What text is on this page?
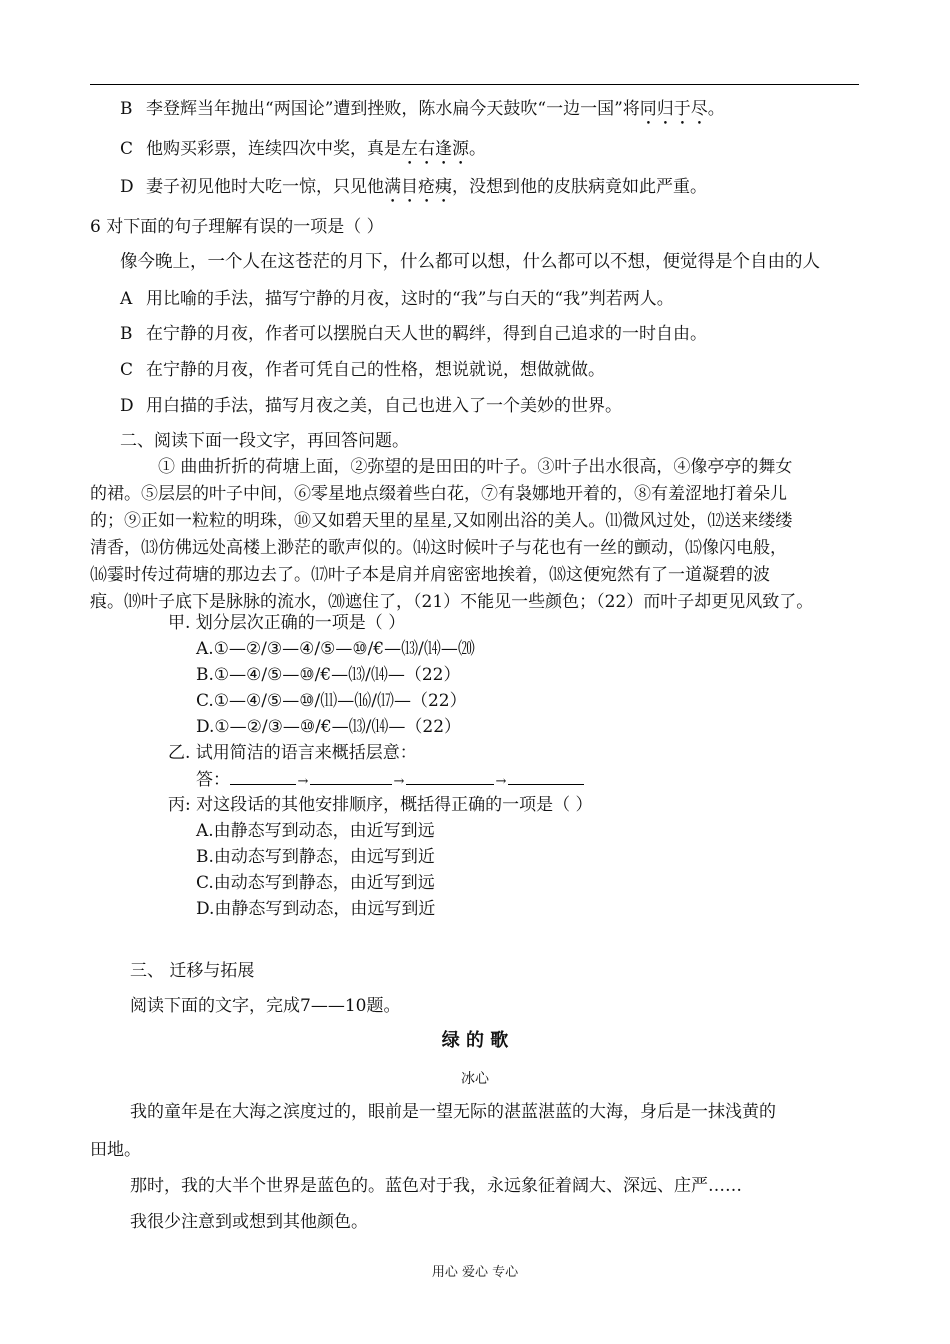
B 李登辉当年抛出“两国论”遭到挫败，陈水扁今天鼓吹“一边一国”将同归于尽。
C 他购买彩票，连续四次中奖，真是左右逢源。
D 妻子初见他时大吃一惊，只见他满目疮痍，没想到他的皮肤病竟如此严重。
6 对下面的句子理解有误的一项是（ ）
像今晚上，一个人在这苍茫的月下，什么都可以想，什么都可以不想，便觉得是个自由的人
A 用比喻的手法，描写宁静的月夜，这时的“我”与白天的“我”判若两人。
B 在宁静的月夜，作者可以摆脱白天人世的羁绊，得到自己追求的一时自由。
C 在宁静的月夜，作者可凭自己的性格，想说就说，想做就做。
D 用白描的手法，描写月夜之美，自己也进入了一个美妙的世界。
二、阅读下面一段文字，再回答问题。
① 曲曲折折的荷塘上面，②弥望的是田田的叶子。③叶子出水很高，④像亭亭的舞女
的裙。⑤层层的叶子中间，⑥零星地点缀着些白花，⑦有袅娜地开着的，⑧有羞涩地打着朵儿
的；⑨正如一粒粒的明珠，⑩又如碧天里的星星,又如刚出浴的美人。⑾微风过处，⑿送来缕缕
清香，⒀仿佛远处高楼上渺茫的歌声似的。⒁这时候叶子与花也有一丝的颤动，⒂像闪电般，
⒃霎时传过荷塘的那边去了。⒄叶子本是肩并肩密密地挨着，⒅这便宛然有了一道凝碧的波
痕。⒆叶子底下是脉脉的流水，⒇遮住了，（21）不能见一些颜色；（22）而叶子却更见风致了。
甲. 划分层次正确的一项是（ ）
A.①—②/③—④/⑤—⑩/€—⒀/⒁—⒇
B.①—④/⑤—⑩/€—⒀/⒁—（22）
C.①—④/⑤—⑩/⑾—⒃/⒄—（22）
D.①—②/③—⑩/€—⒀/⒁—（22）
乙. 试用简洁的语言来概括层意：
答：	→	→	→
丙: 对这段话的其他安排顺序，概括得正确的一项是（ ）
A.由静态写到动态，由近写到远
B.由动态写到静态，由远写到近
C.由动态写到静态，由近写到远
D.由静态写到动态，由远写到近
三、 迁移与拓展
阅读下面的文字，完成7——10题。
绿 的 歌
冰心
我的童年是在大海之滨度过的，眼前是一望无际的湛蓝湛蓝的大海，身后是一抹浅黄的
田地。
那时，我的大半个世界是蓝色的。蓝色对于我，永远象征着阔大、深远、庄严……
我很少注意到或想到其他颜色。
用心 爱心 专心
